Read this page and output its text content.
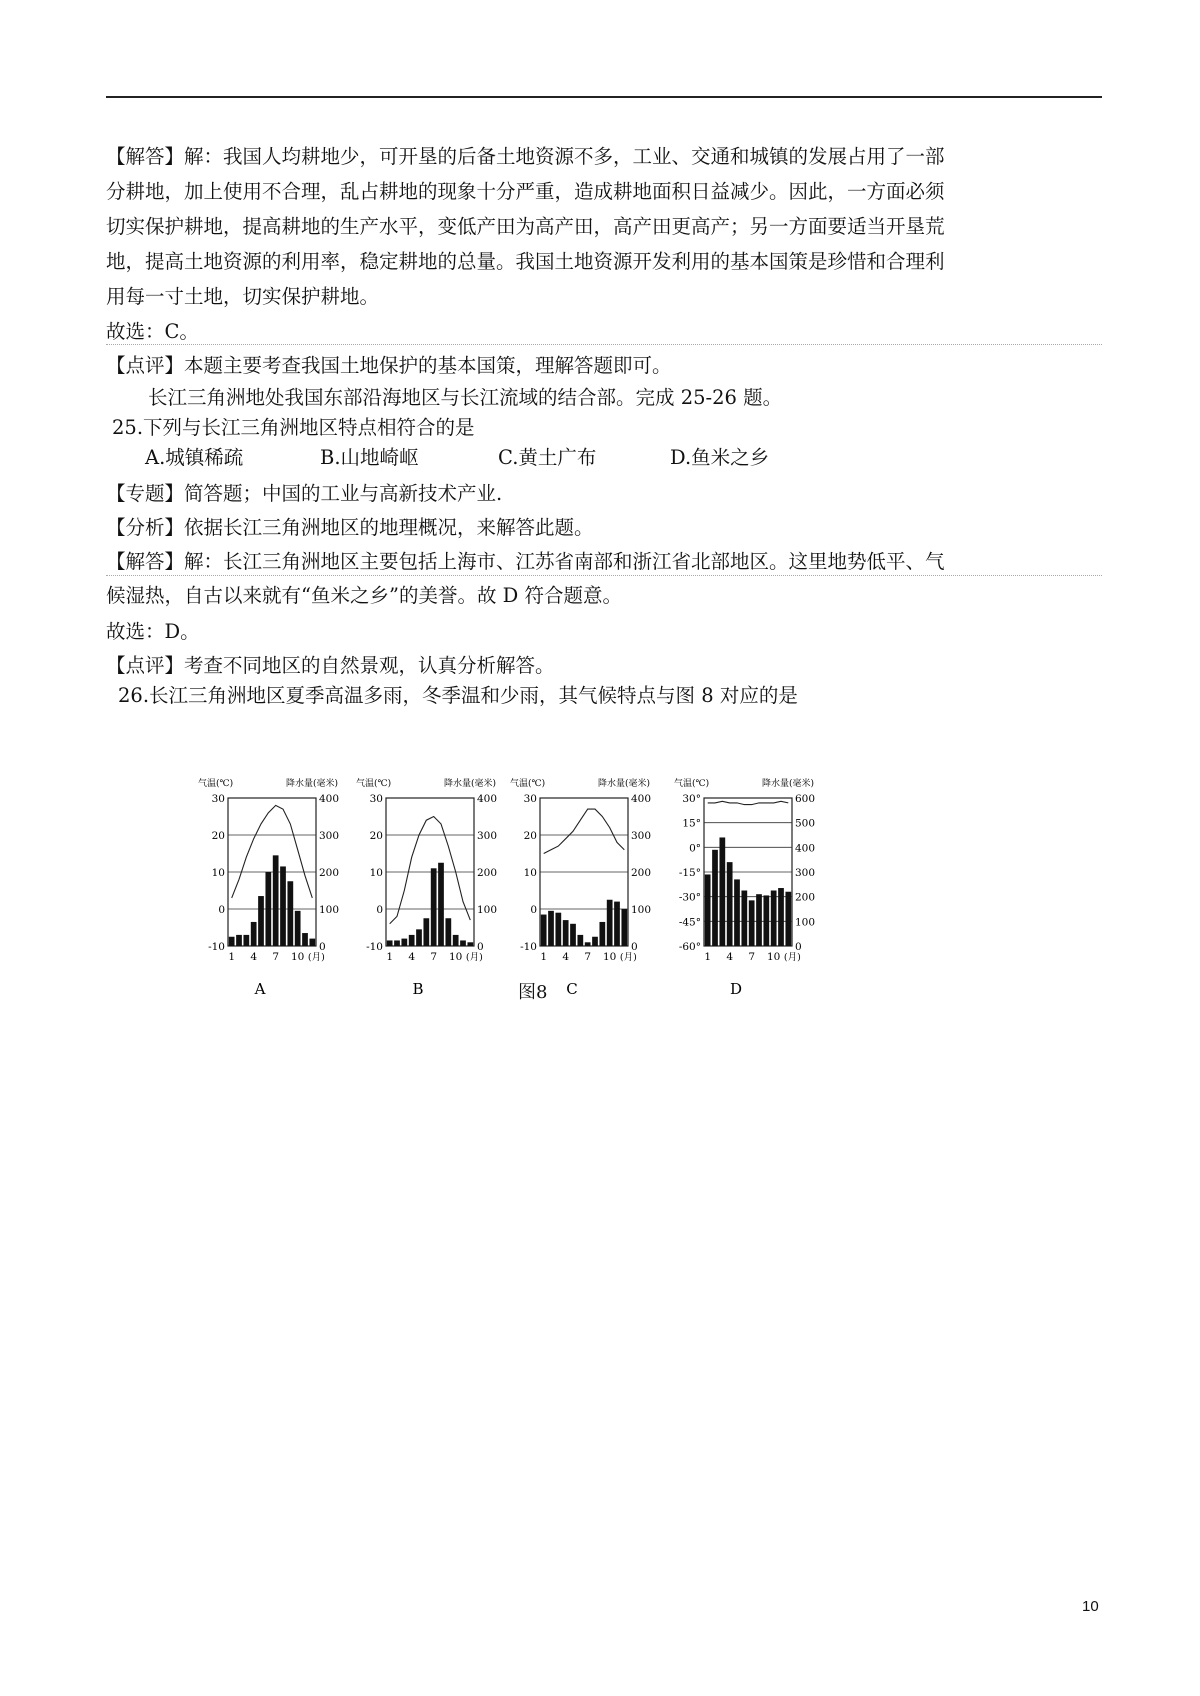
【解答】解：我国人均耕地少，可开垦的后备土地资源不多，工业、交通和城镇的发展占用了一部
分耕地，加上使用不合理，乱占耕地的现象十分严重，造成耕地面积日益减少。因此，一方面必须
切实保护耕地，提高耕地的生产水平，变低产田为高产田，高产田更高产；另一方面要适当开垦荒
地，提高土地资源的利用率，稳定耕地的总量。我国土地资源开发利用的基本国策是珍惜和合理利
用每一寸土地，切实保护耕地。
故选：C。
【点评】本题主要考查我国土地保护的基本国策，理解答题即可。
长江三角洲地处我国东部沿海地区与长江流域的结合部。完成 25-26 题。
25.下列与长江三角洲地区特点相符合的是
A.城镇稀疏	B.山地崎岖	C.黄土广布	D.鱼米之乡
【专题】简答题；中国的工业与高新技术产业.
【分析】依据长江三角洲地区的地理概况，来解答此题。
【解答】解：长江三角洲地区主要包括上海市、江苏省南部和浙江省北部地区。这里地势低平、气
候湿热，自古以来就有“鱼米之乡”的美誉。故 D 符合题意。
故选：D。
【点评】考查不同地区的自然景观，认真分析解答。
26.长江三角洲地区夏季高温多雨，冬季温和少雨，其气候特点与图 8 对应的是
气温(℃)	降水量(毫米)
-10
0
10
20
30
0
100
200
300
400
1 4 7 10 (月)
A
气温(℃)	降水量(毫米)
-10
0
10
20
30
0
100
200
300
400
1 4 7 10 (月)
B
气温(℃)	降水量(毫米)
-10
0
10
20
30
0
100
200
300
400
1 4 7 10 (月)
C
气温(℃)	降水量(毫米)
30°
15°
0°
-15°
-30°
-45°
-60°	0
100
200
300
400
500
600
1 4 7 10 (月)
D
图8
10
